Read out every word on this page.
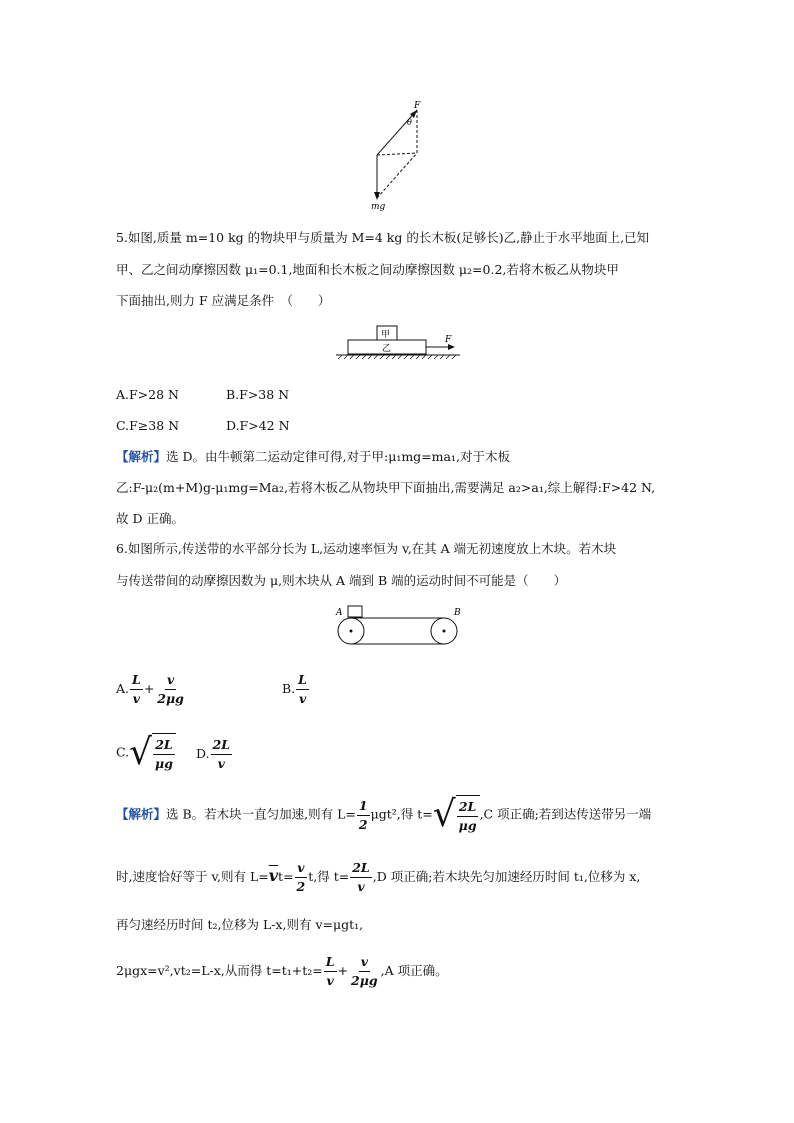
F
θ
mg
5.如图,质量 m=10 kg 的物块甲与质量为 M=4 kg 的长木板(足够长)乙,静止于水平地面上,已知
甲、乙之间动摩擦因数 μ₁=0.1,地面和长木板之间动摩擦因数 μ₂=0.2,若将木板乙从物块甲
下面抽出,则力 F 应满足条件　（　　）
甲
乙
F
A.F>28 N	B.F>38 N
C.F≥38 N	D.F>42 N
【解析】选 D。由牛顿第二运动定律可得,对于甲:μ₁mg=ma₁,对于木板
乙:F-μ₂(m+M)g-μ₁mg=Ma₂,若将木板乙从物块甲下面抽出,需要满足 a₂>a₁,综上解得:F>42 N,
故 D 正确。
6.如图所示,传送带的水平部分长为 L,运动速率恒为 v,在其 A 端无初速度放上木块。若木块
与传送带间的动摩擦因数为 μ,则木块从 A 端到 B 端的运动时间不可能是（　　）
A	B
A. $\frac{L}{v} + \frac{v}{2\mu g}$	B. $\frac{L}{v}$
C. √ $\frac{2L}{\mu g} D$. $\frac{2L}{v}$
【解析】选 B。若木块一直匀加速,则有 $L= \frac{1}{2} \mu gt^2$,得 t= √ $\frac{2L}{\mu g} ,C$ 项正确;若到达传送带另一端
时,速度恰好等于 v,则有 $L=\overline{v}t= \frac{v}{2} t$,得 $t= \frac{2L}{v} ,D$ 项正确;若木块先匀加速经历时间 t₁,位移为 x,
再匀速经历时间 t₂,位移为 L-x,则有 v=μgt₁,
2μgx=v²,vt₂=L-x,从而得 $t=t_1+t_2= \frac{L}{v} + \frac{v}{2\mu g} ,A$ 项正确。
